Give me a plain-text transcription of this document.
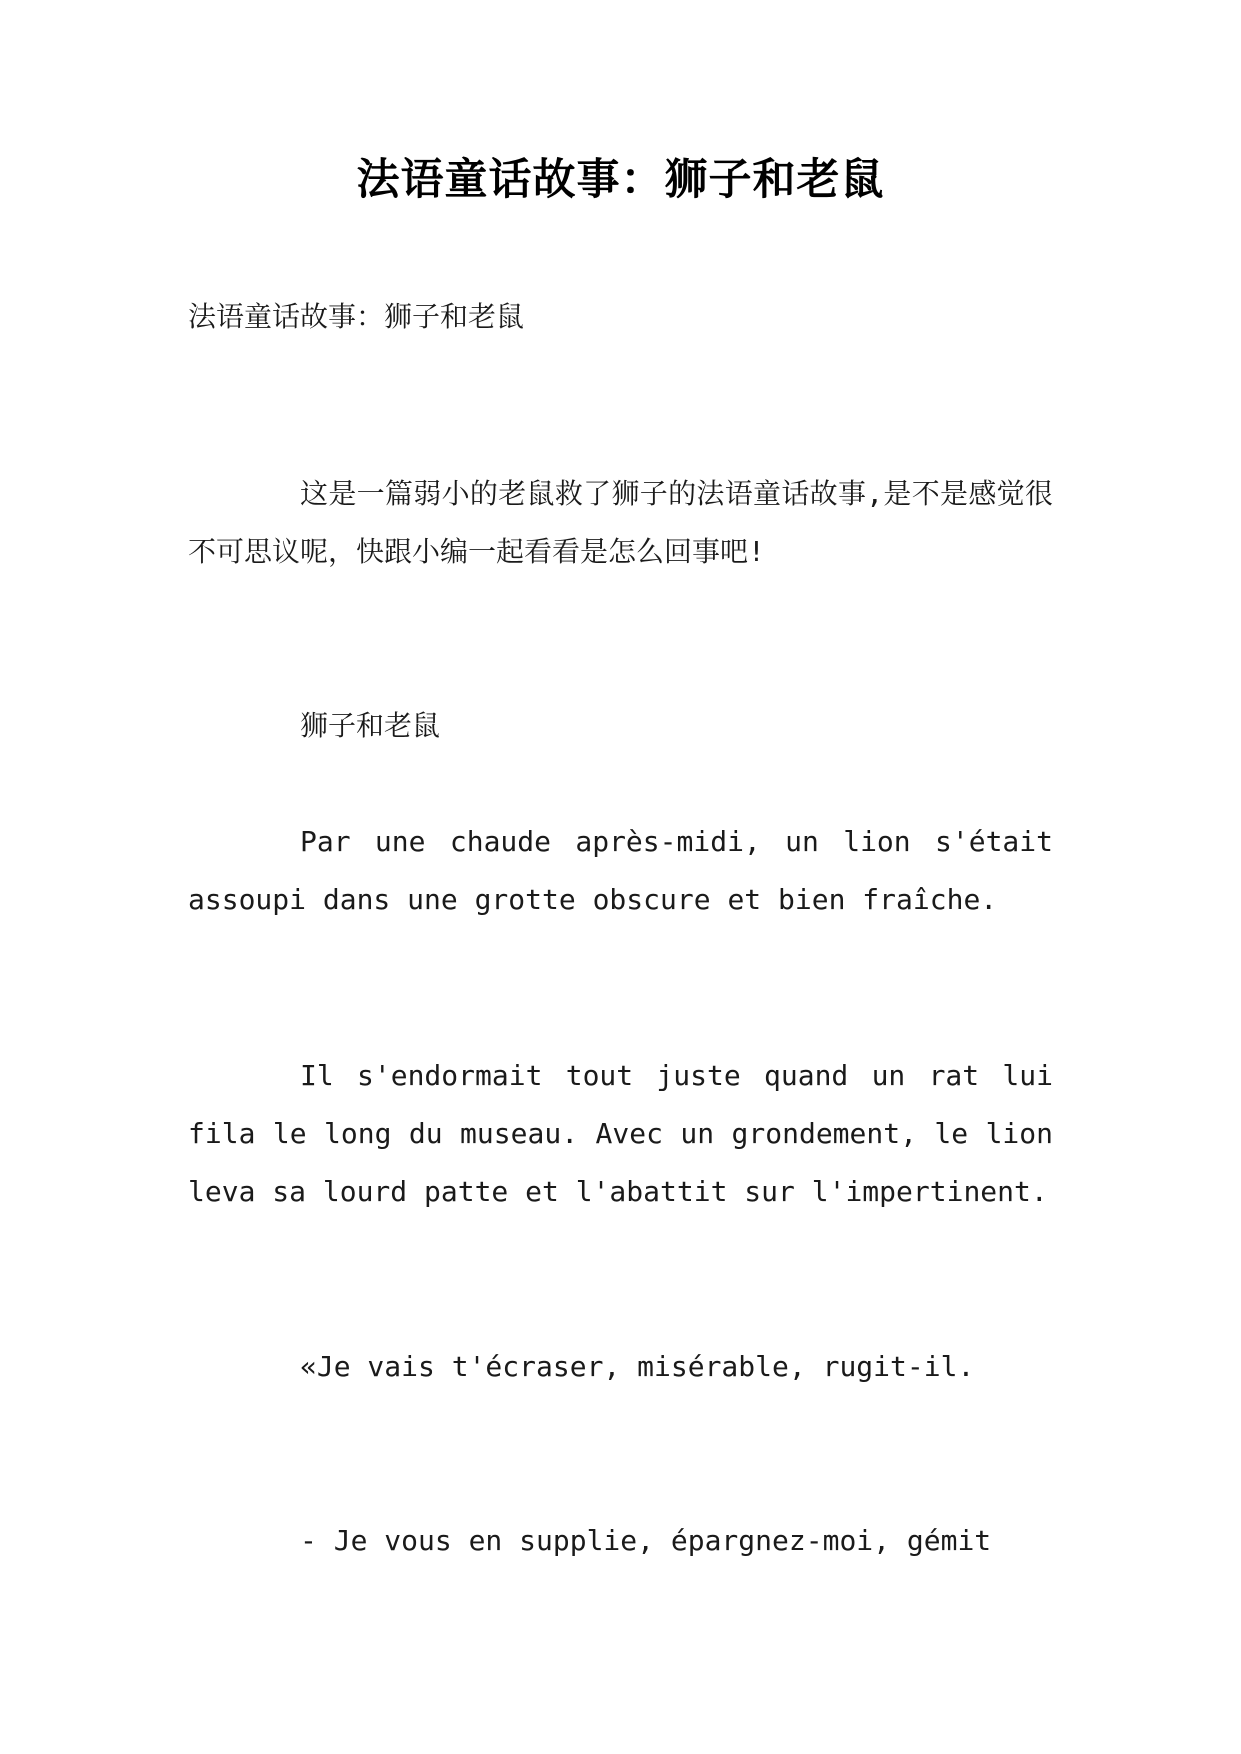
法语童话故事：狮子和老鼠

法语童话故事：狮子和老鼠

这是一篇弱小的老鼠救了狮子的法语童话故事,是不是感觉很不可思议呢，快跟小编一起看看是怎么回事吧!

狮子和老鼠

Par une chaude après-midi, un lion s'était assoupi dans une grotte obscure et bien fraîche.

Il s'endormait tout juste quand un rat lui fila le long du museau. Avec un grondement, le lion leva sa lourd patte et l'abattit sur l'impertinent.

«Je vais t'écraser, misérable, rugit-il.

- Je vous en supplie, épargnez-moi, gémit
